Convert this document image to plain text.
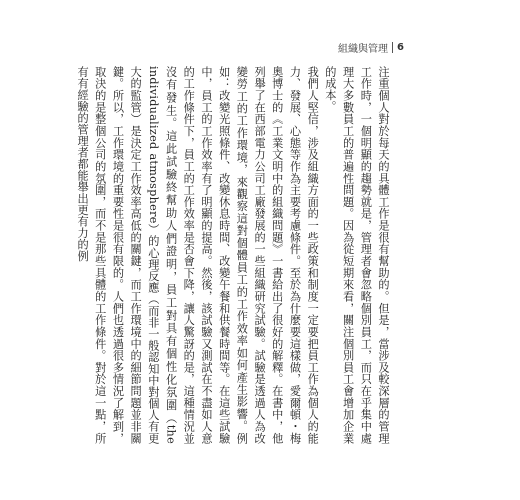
組織與管理 6

注重個人對於每天的具體工作是很有幫助的。但是，當涉及較深層的管理工作時，一個明顯的趨勢就是，管理者會忽略個別員工，而只在乎集中處理大多數員工的普遍性問題。因為從短期來看，關注個別員工會增加企業的成本。

我們人堅信，涉及組織方面的一些政策和制度一定要把員工作為個人的能力、發展、心態等作為主要考慮條件。至於為什麼要這樣做，愛爾頓・梅奧博士的《工業文明中的組織問題》一書給出了很好的解釋。在書中，他列舉了在西部電力公司工廠發展的一些組織研究試驗。試驗是透過人為改變勞工的工作環境，來觀察這對個體員工的工作效率如何產生影響。例如：改變光照條件、改變休息時間、改變午餐和供餐時間等。在這些試驗中，員工的工作效率有了明顯的提高。然後，該試驗又測試在不盡如人意的工作條件下，員工的工作效率是否會下降，讓人驚訝的是，這種情況並沒有發生。這此試驗終幫助人們證明，員工對具有個性化氛圍（the individualized atmosphere）的心理反應（而非一般認知中對個人有更大的監管）是決定工作效率高低的關鍵，而工作環境中的細節問題並非關鍵。所以，工作環境的重要性是很有限的。人們也透過很多情況了解到，取決的是整個公司的氛圍，而不是那些具體的工作條件。對於這一點，所有有經驗的管理者都能舉出更有力的例
